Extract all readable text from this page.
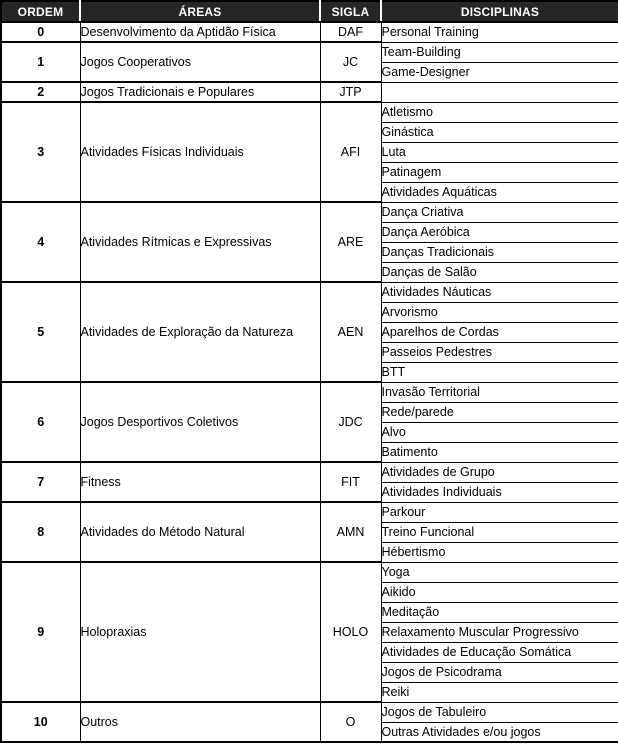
ORDEM	ÁREAS	SIGLA	DISCIPLINAS
0	Desenvolvimento da Aptidão Física	DAF	Personal Training
1	Jogos Cooperativos	JC	Team-Building
			Game-Designer
2	Jogos Tradicionais e Populares	JTP	
3	Atividades Físicas Individuais	AFI	Atletismo
			Ginástica
			Luta
			Patinagem
			Atividades Aquáticas
4	Atividades Rítmicas e Expressivas	ARE	Dança Criativa
			Dança Aeróbica
			Danças Tradicionais
			Danças de Salão
5	Atividades de Exploração da Natureza	AEN	Atividades Náuticas
			Arvorismo
			Aparelhos de Cordas
			Passeios Pedestres
			BTT
6	Jogos Desportivos Coletivos	JDC	Invasão Territorial
			Rede/parede
			Alvo
			Batimento
7	Fitness	FIT	Atividades de Grupo
			Atividades Individuais
8	Atividades do Método Natural	AMN	Parkour
			Treino Funcional
			Hébertismo
9	Holopraxias	HOLO	Yoga
			Aikido
			Meditação
			Relaxamento Muscular Progressivo
			Atividades de Educação Somática
			Jogos de Psicodrama
			Reiki
10	Outros	O	Jogos de Tabuleiro
			Outras Atividades e/ou jogos
